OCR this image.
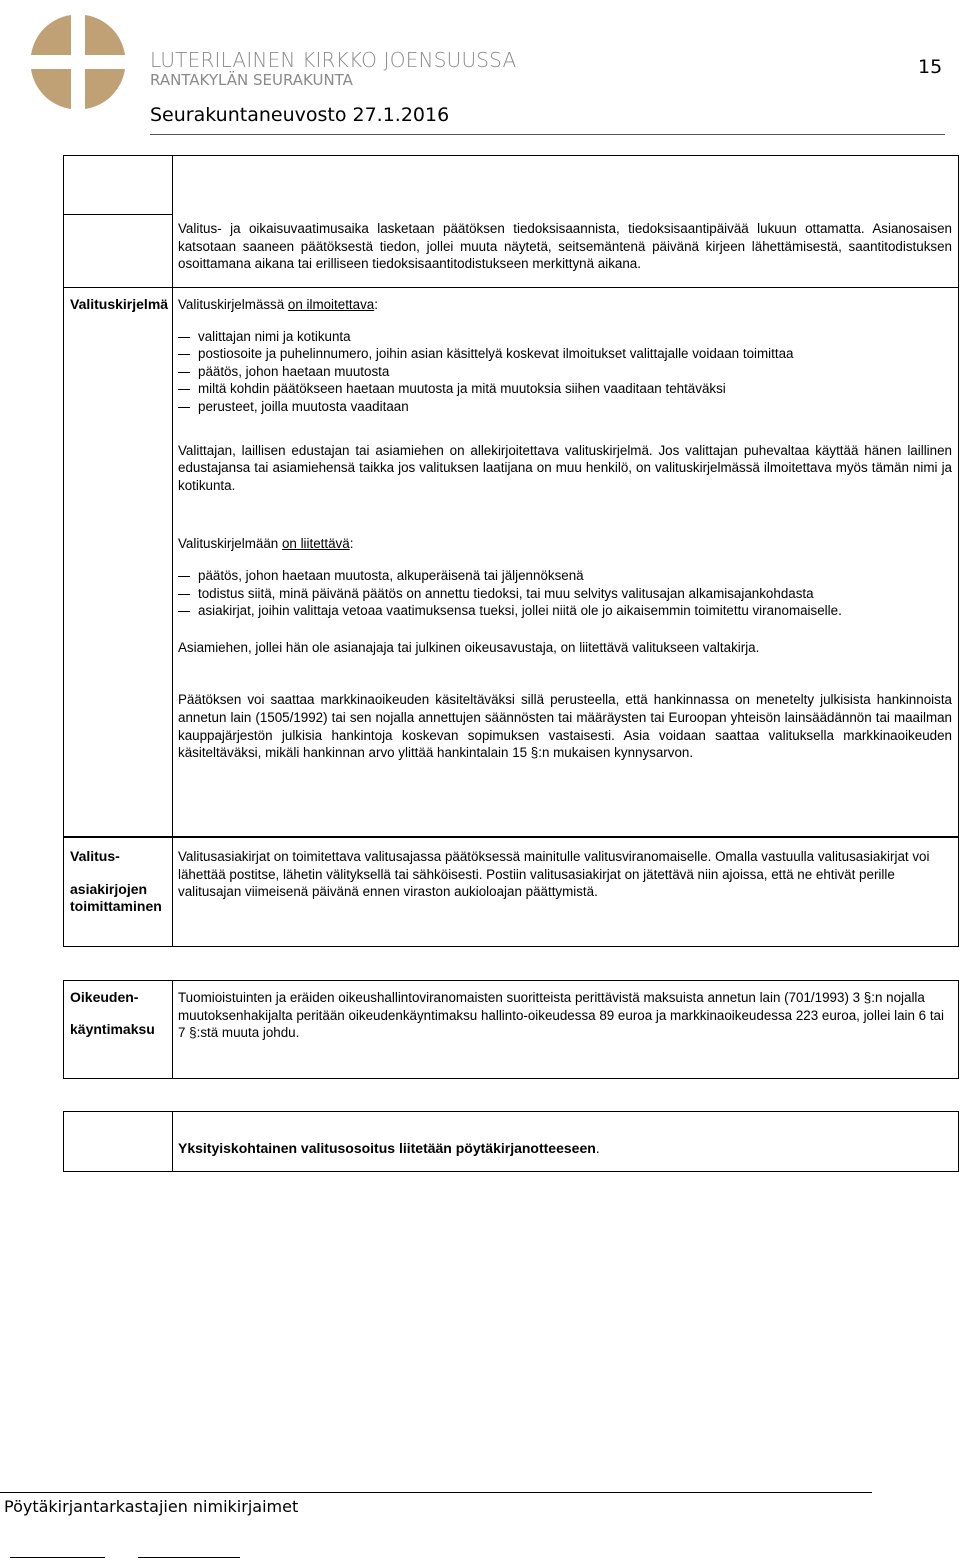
LUTERILAINEN KIRKKO JOENSUUSSA
RANTAKYLÄN SEURAKUNTA
15
Seurakuntaneuvosto 27.1.2016

Valitus- ja oikaisuvaatimusaika lasketaan päätöksen tiedoksisaannista, tiedoksisaantipäivää lukuun ottamatta. Asianosaisen katsotaan saaneen päätöksestä tiedon, jollei muuta näytetä, seitsemäntenä päivänä kirjeen lähettämisestä, saantitodistuksen osoittamana aikana tai erilliseen tiedoksisaantitodistukseen merkittynä aikana.

Valituskirjelmä Valituskirjelmässä on ilmoitettava:

valittajan nimi ja kotikunta
postiosoite ja puhelinnumero, joihin asian käsittelyä koskevat ilmoitukset valittajalle voidaan toimittaa
päätös, johon haetaan muutosta
miltä kohdin päätökseen haetaan muutosta ja mitä muutoksia siihen vaaditaan tehtäväksi
perusteet, joilla muutosta vaaditaan

Valittajan, laillisen edustajan tai asiamiehen on allekirjoitettava valituskirjelmä. Jos valittajan puhevaltaa käyttää hänen laillinen edustajansa tai asiamiehensä taikka jos valituksen laatijana on muu henkilö, on valituskirjelmässä ilmoitettava myös tämän nimi ja kotikunta.

Valituskirjelmään on liitettävä:

päätös, johon haetaan muutosta, alkuperäisenä tai jäljennöksenä
todistus siitä, minä päivänä päätös on annettu tiedoksi, tai muu selvitys valitusajan alkamisajankohdasta
asiakirjat, joihin valittaja vetoaa vaatimuksensa tueksi, jollei niitä ole jo aikaisemmin toimitettu viranomaiselle.

Asiamiehen, jollei hän ole asianajaja tai julkinen oikeusavustaja, on liitettävä valitukseen valtakirja.

Päätöksen voi saattaa markkinaoikeuden käsiteltäväksi sillä perusteella, että hankinnassa on menetelty julkisista hankinnoista annetun lain (1505/1992) tai sen nojalla annettujen säännösten tai määräysten tai Euroopan yhteisön lainsäädännön tai maailman kauppajärjestön julkisia hankintoja koskevan sopimuksen vastaisesti. Asia voidaan saattaa valituksella markkinaoikeuden käsiteltäväksi, mikäli hankinnan arvo ylittää hankintalain 15 §:n mukaisen kynnysarvon.

Valitus-
asiakirjojen toimittaminen

Valitusasiakirjat on toimitettava valitusajassa päätöksessä mainitulle valitusviranomaiselle. Omalla vastuulla valitusasiakirjat voi lähettää postitse, lähetin välityksellä tai sähköisesti. Postiin valitusasiakirjat on jätettävä niin ajoissa, että ne ehtivät perille valitusajan viimeisenä päivänä ennen viraston aukioloajan päättymistä.

Oikeuden-
käyntimaksu

Tuomioistuinten ja eräiden oikeushallintoviranomaisten suoritteista perittävistä maksuista annetun lain (701/1993) 3 §:n nojalla muutoksenhakijalta peritään oikeudenkäyntimaksu hallinto-oikeudessa 89 euroa ja markkinaoikeudessa 223 euroa, jollei lain 6 tai 7 §:stä muuta johdu.

Yksityiskohtainen valitusosoitus liitetään pöytäkirjanotteeseen.

Pöytäkirjantarkastajien nimikirjaimet
